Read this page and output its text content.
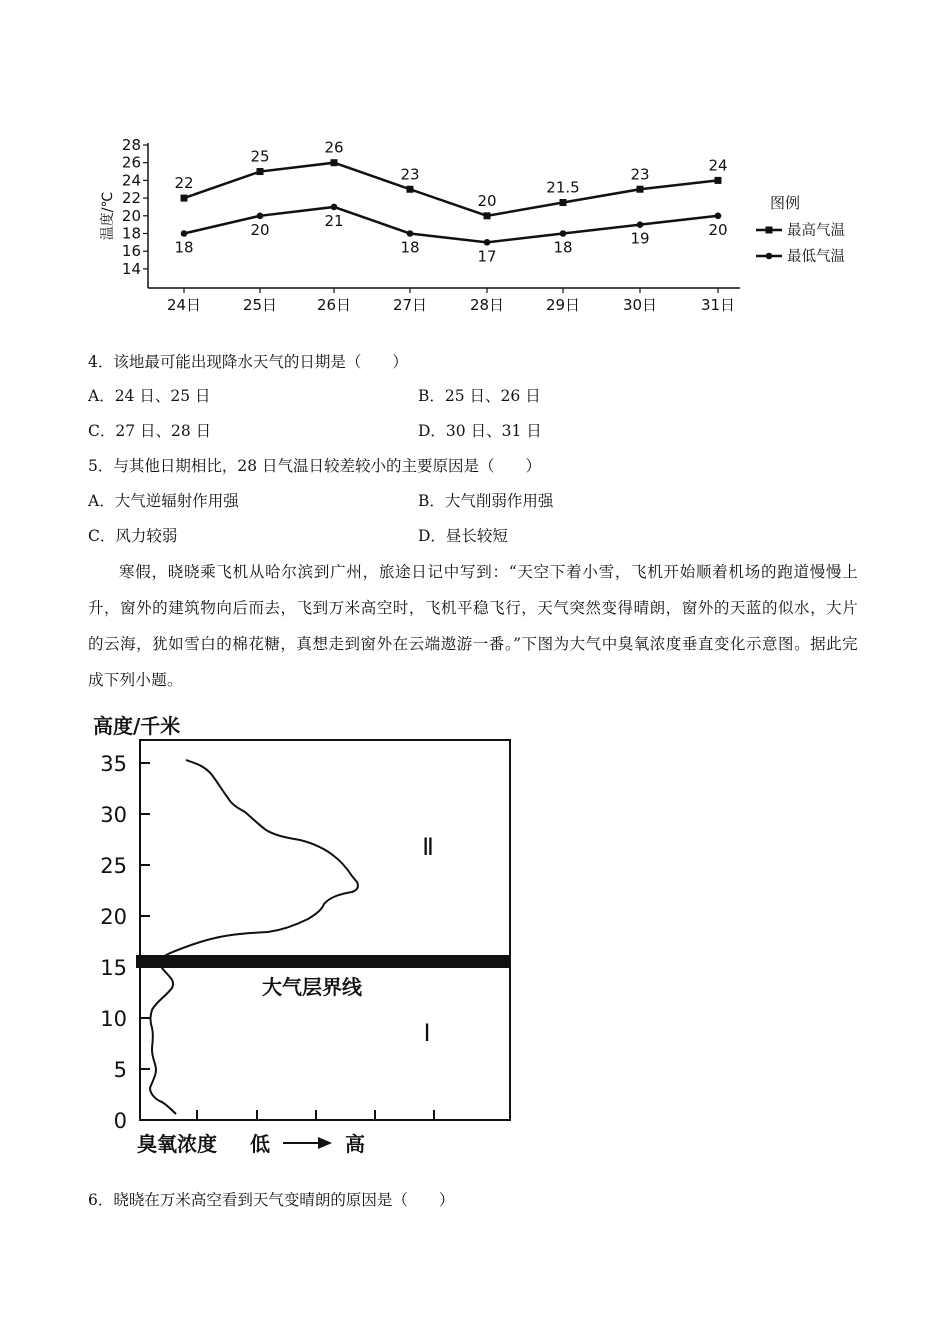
28
26
24
22
20
18
16
14
24日	25日	26日	27日	28日	29日	30日	31日
22
25	26
23
20
21.5
23	24
18
20	21
18	17	18	19	20
温度/℃	图例
最高气温
最低气温
4．该地最可能出现降水天气的日期是（　　）
A．24 日、25 日	B．25 日、26 日
C．27 日、28 日	D．30 日、31 日
5．与其他日期相比，28 日气温日较差较小的主要原因是（　　）
A．大气逆辐射作用强	B．大气削弱作用强
C．风力较弱	D．昼长较短
寒假，晓晓乘飞机从哈尔滨到广州，旅途日记中写到：“天空下着小雪，飞机开始顺着机场的跑道慢慢上升，窗外的建筑物向后而去，飞到万米高空时，飞机平稳飞行，天气突然变得晴朗，窗外的天蓝的似水，大片的云海，犹如雪白的棉花糖，真想走到窗外在云端遨游一番。”下图为大气中臭氧浓度垂直变化示意图。据此完成下列小题。
高度/千米
35
30
25
20
15
10
5
0
大气层界线
Ⅱ
Ⅰ
臭氧浓度 低	高
6．晓晓在万米高空看到天气变晴朗的原因是（　　）
